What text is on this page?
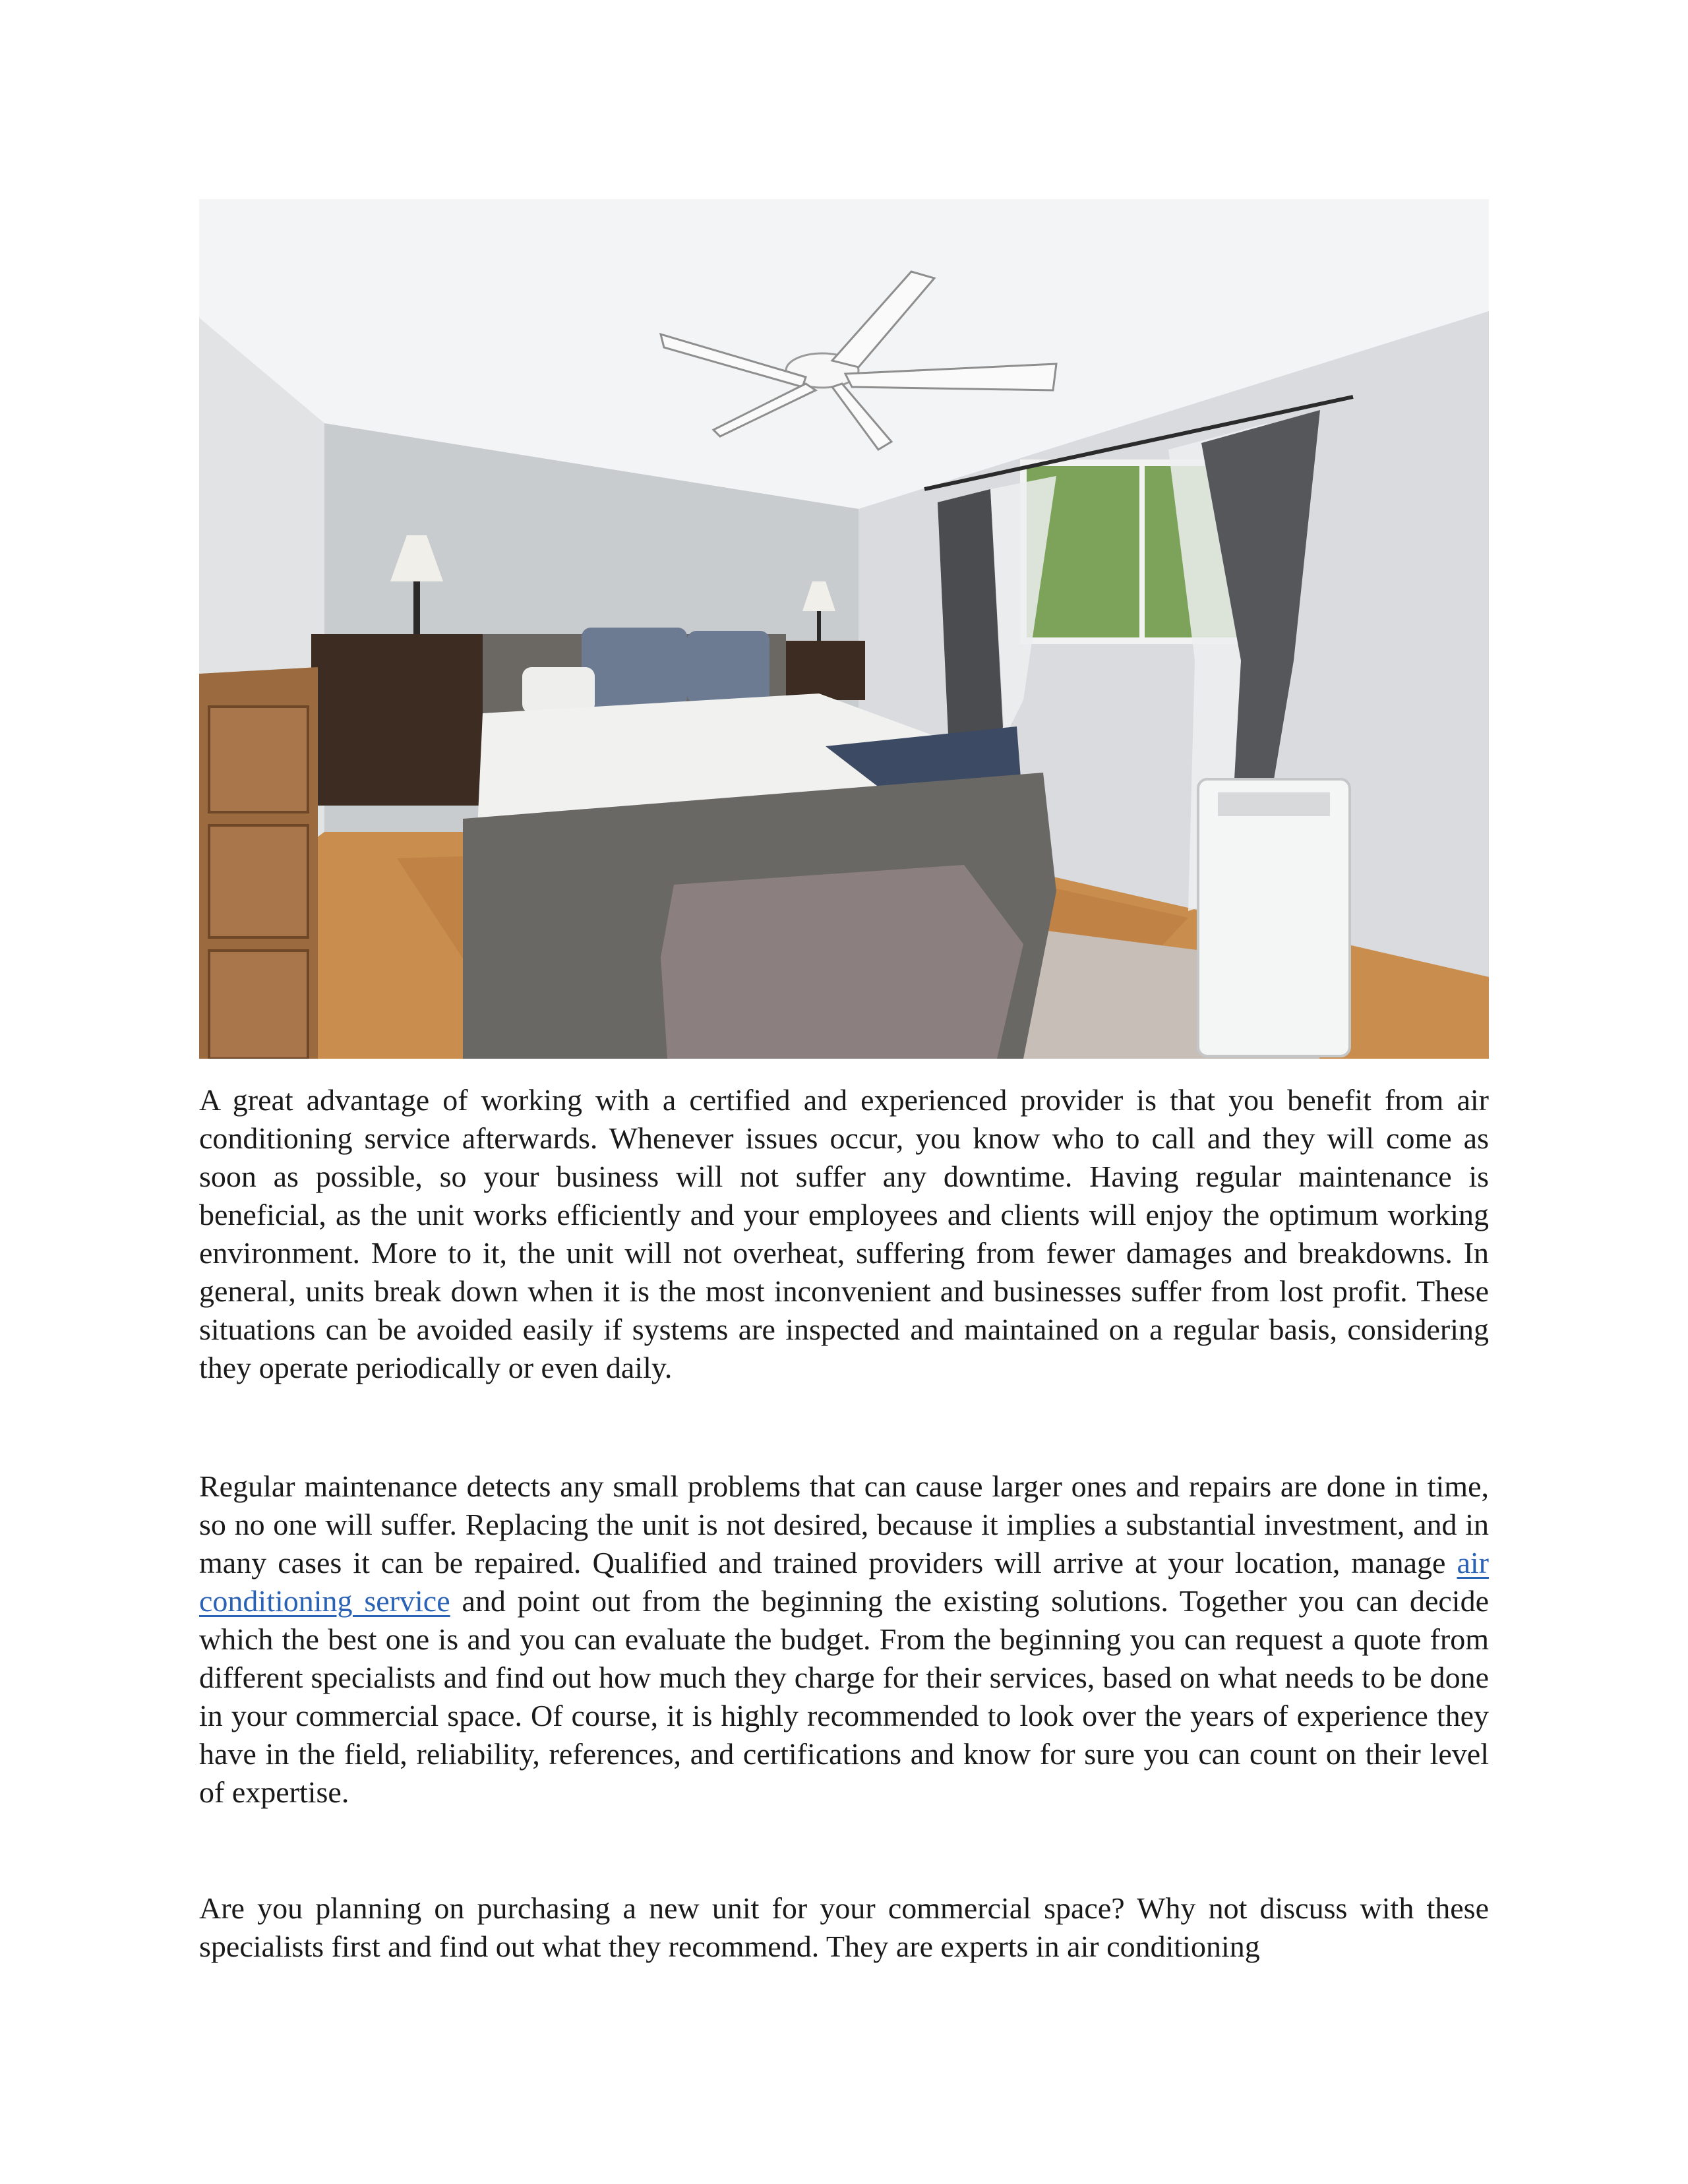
A great advantage of working with a certified and experienced provider is that you benefit from air conditioning service afterwards. Whenever issues occur, you know who to call and they will come as soon as possible, so your business will not suffer any downtime. Having regular maintenance is beneficial, as the unit works efficiently and your employees and clients will enjoy the optimum working environment. More to it, the unit will not overheat, suffering from fewer damages and breakdowns. In general, units break down when it is the most inconvenient and businesses suffer from lost profit. These situations can be avoided easily if systems are inspected and maintained on a regular basis, considering they operate periodically or even daily.

Regular maintenance detects any small problems that can cause larger ones and repairs are done in time, so no one will suffer. Replacing the unit is not desired, because it implies a substantial investment, and in many cases it can be repaired. Qualified and trained providers will arrive at your location, manage air conditioning service and point out from the beginning the existing solutions. Together you can decide which the best one is and you can evaluate the budget. From the beginning you can request a quote from different specialists and find out how much they charge for their services, based on what needs to be done in your commercial space. Of course, it is highly recommended to look over the years of experience they have in the field, reliability, references, and certifications and know for sure you can count on their level of expertise.

Are you planning on purchasing a new unit for your commercial space? Why not discuss with these specialists first and find out what they recommend. They are experts in air conditioning
